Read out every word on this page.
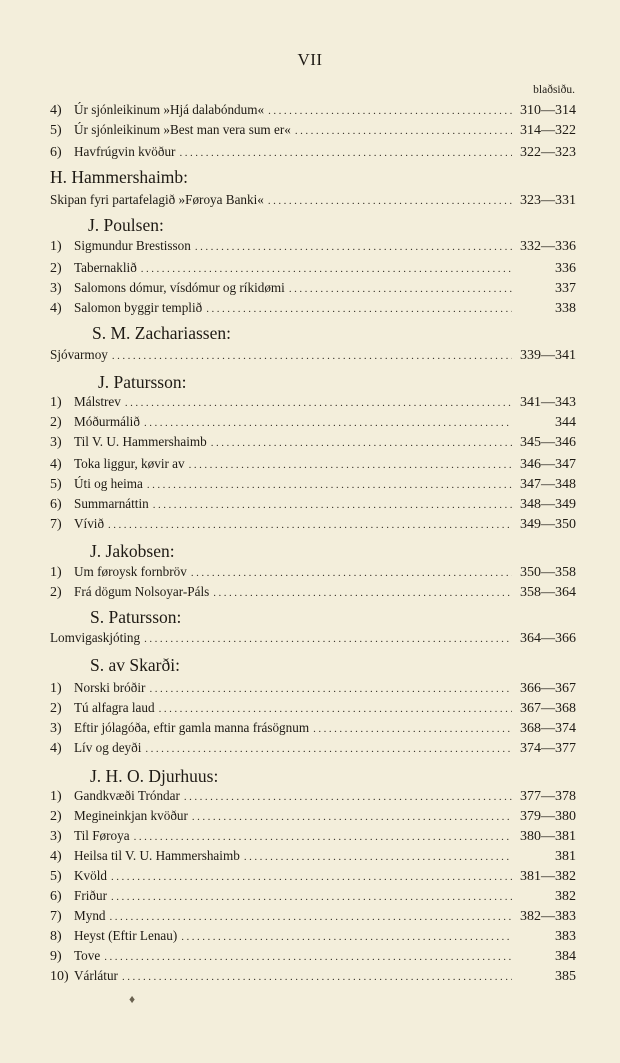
VII
blaðsiðu.
4) Úr sjónleikinum »Hjá dalabóndum« .....	310—314
5) Úr sjónleikinum »Best man vera sum er« .....	314—322
6) Havfrúgvin kvöður .....	322—323
H. Hammershaimb:
Skipan fyri partafelagið »Føroya Banki« .....	323—331
J. Poulsen:
1) Sigmundur Brestisson .....	332—336
2) Tabernaklið .....	336
3) Salomons dómur, vísdómur og ríkidømi .....	337
4) Salomon byggir templið .....	338
S. M. Zachariassen:
Sjóvarmoy .....	339—341
J. Patursson:
1) Málstrev .....	341—343
2) Móðurmálið .....	344
3) Til V. U. Hammershaimb .....	345—346
4) Toka liggur, køvir av .....	346—347
5) Úti og heima .....	347—348
6) Summarnáttin .....	348—349
7) Vívið .....	349—350
J. Jakobsen:
1) Um føroysk fornbröv .....	350—358
2) Frá dögum Nolsoyar-Páls .....	358—364
S. Patursson:
Lomvigaskjóting .....	364—366
S. av Skarði:
1) Norski bróðir .....	366—367
2) Tú alfagra laud .....	367—368
3) Eftir jólagóða, eftir gamla manna frásögnum .....	368—374
4) Lív og deyði .....	374—377
J. H. O. Djurhuus:
1) Gandkvæði Tróndar .....	377—378
2) Megineinkjan kvöður .....	379—380
3) Til Føroya .....	380—381
4) Heilsa til V. U. Hammershaimb .....	381
5) Kvöld .....	381—382
6) Friður .....	382
7) Mynd .....	382—383
8) Heyst (Eftir Lenau) .....	383
9) Tove .....	384
10) Várlátur .....	385
♦
